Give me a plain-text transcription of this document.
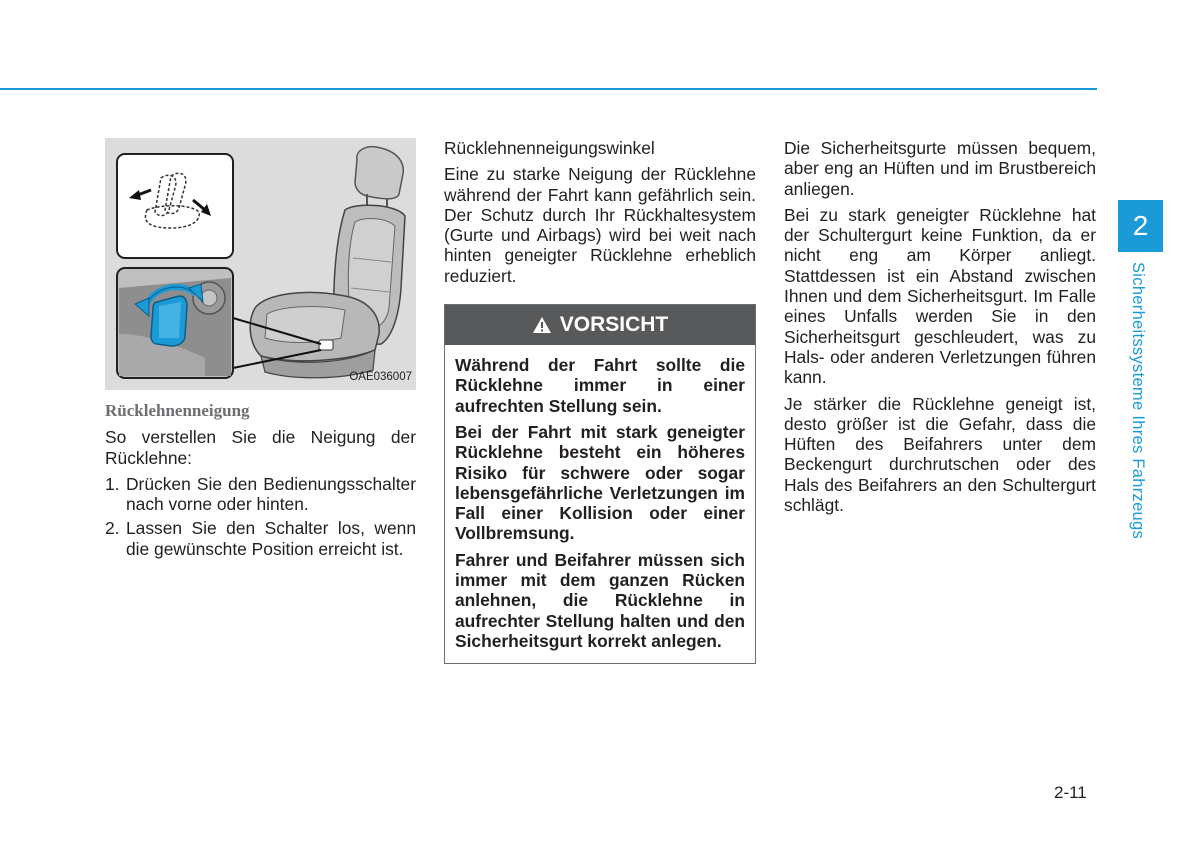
OAE036007
Rücklehnenneigung

So verstellen Sie die Neigung der Rücklehne:

1. Drücken Sie den Bedienungsschalter nach vorne oder hinten.
2. Lassen Sie den Schalter los, wenn die gewünschte Position erreicht ist.

Rücklehnenneigungswinkel

Eine zu starke Neigung der Rücklehne während der Fahrt kann gefährlich sein. Der Schutz durch Ihr Rückhaltesystem (Gurte und Airbags) wird bei weit nach hinten geneigter Rücklehne erheblich reduziert.

VORSICHT

Während der Fahrt sollte die Rücklehne immer in einer aufrechten Stellung sein.

Bei der Fahrt mit stark geneigter Rücklehne besteht ein höheres Risiko für schwere oder sogar lebensgefährliche Verletzungen im Fall einer Kollision oder einer Vollbremsung.

Fahrer und Beifahrer müssen sich immer mit dem ganzen Rücken anlehnen, die Rücklehne in aufrechter Stellung halten und den Sicherheitsgurt korrekt anlegen.

Die Sicherheitsgurte müssen bequem, aber eng an Hüften und im Brustbereich anliegen.

Bei zu stark geneigter Rücklehne hat der Schultergurt keine Funktion, da er nicht eng am Körper anliegt. Stattdessen ist ein Abstand zwischen Ihnen und dem Sicherheitsgurt. Im Falle eines Unfalls werden Sie in den Sicherheitsgurt geschleudert, was zu Hals- oder anderen Verletzungen führen kann.

Je stärker die Rücklehne geneigt ist, desto größer ist die Gefahr, dass die Hüften des Beifahrers unter dem Beckengurt durchrutschen oder des Hals des Beifahrers an den Schultergurt schlägt.

2
Sicherheitssysteme Ihres Fahrzeugs
2-11
